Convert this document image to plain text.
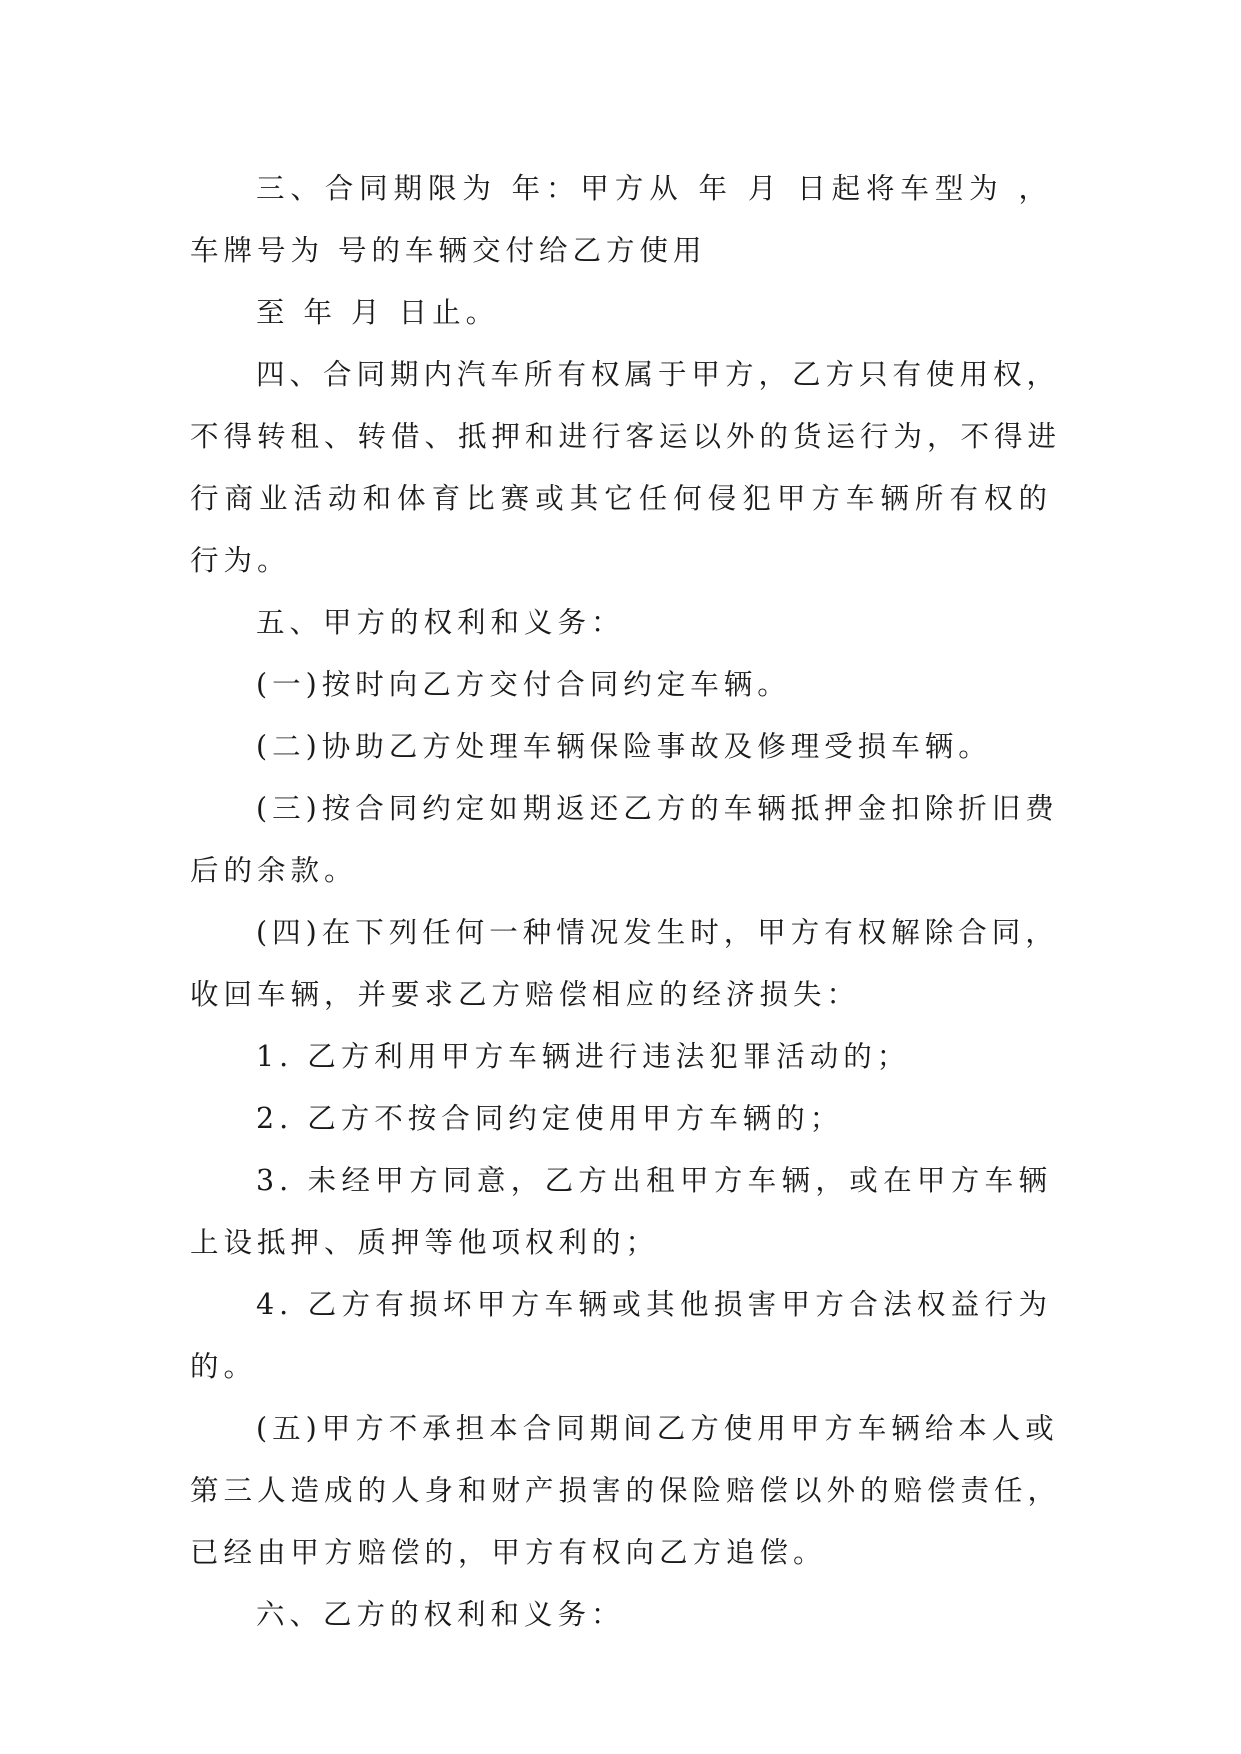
三、合同期限为 年：甲方从 年 月 日起将车型为 ，

车牌号为 号的车辆交付给乙方使用

至 年 月 日止。

四、合同期内汽车所有权属于甲方，乙方只有使用权，

不得转租、转借、抵押和进行客运以外的货运行为，不得进

行商业活动和体育比赛或其它任何侵犯甲方车辆所有权的

行为。

五、甲方的权利和义务：

(一)按时向乙方交付合同约定车辆。

(二)协助乙方处理车辆保险事故及修理受损车辆。

(三)按合同约定如期返还乙方的车辆抵押金扣除折旧费

后的余款。

(四)在下列任何一种情况发生时，甲方有权解除合同，

收回车辆，并要求乙方赔偿相应的经济损失：

1. 乙方利用甲方车辆进行违法犯罪活动的；

2. 乙方不按合同约定使用甲方车辆的；

3. 未经甲方同意，乙方出租甲方车辆，或在甲方车辆

上设抵押、质押等他项权利的；

4. 乙方有损坏甲方车辆或其他损害甲方合法权益行为

的。

(五)甲方不承担本合同期间乙方使用甲方车辆给本人或

第三人造成的人身和财产损害的保险赔偿以外的赔偿责任，

已经由甲方赔偿的，甲方有权向乙方追偿。

六、乙方的权利和义务：
